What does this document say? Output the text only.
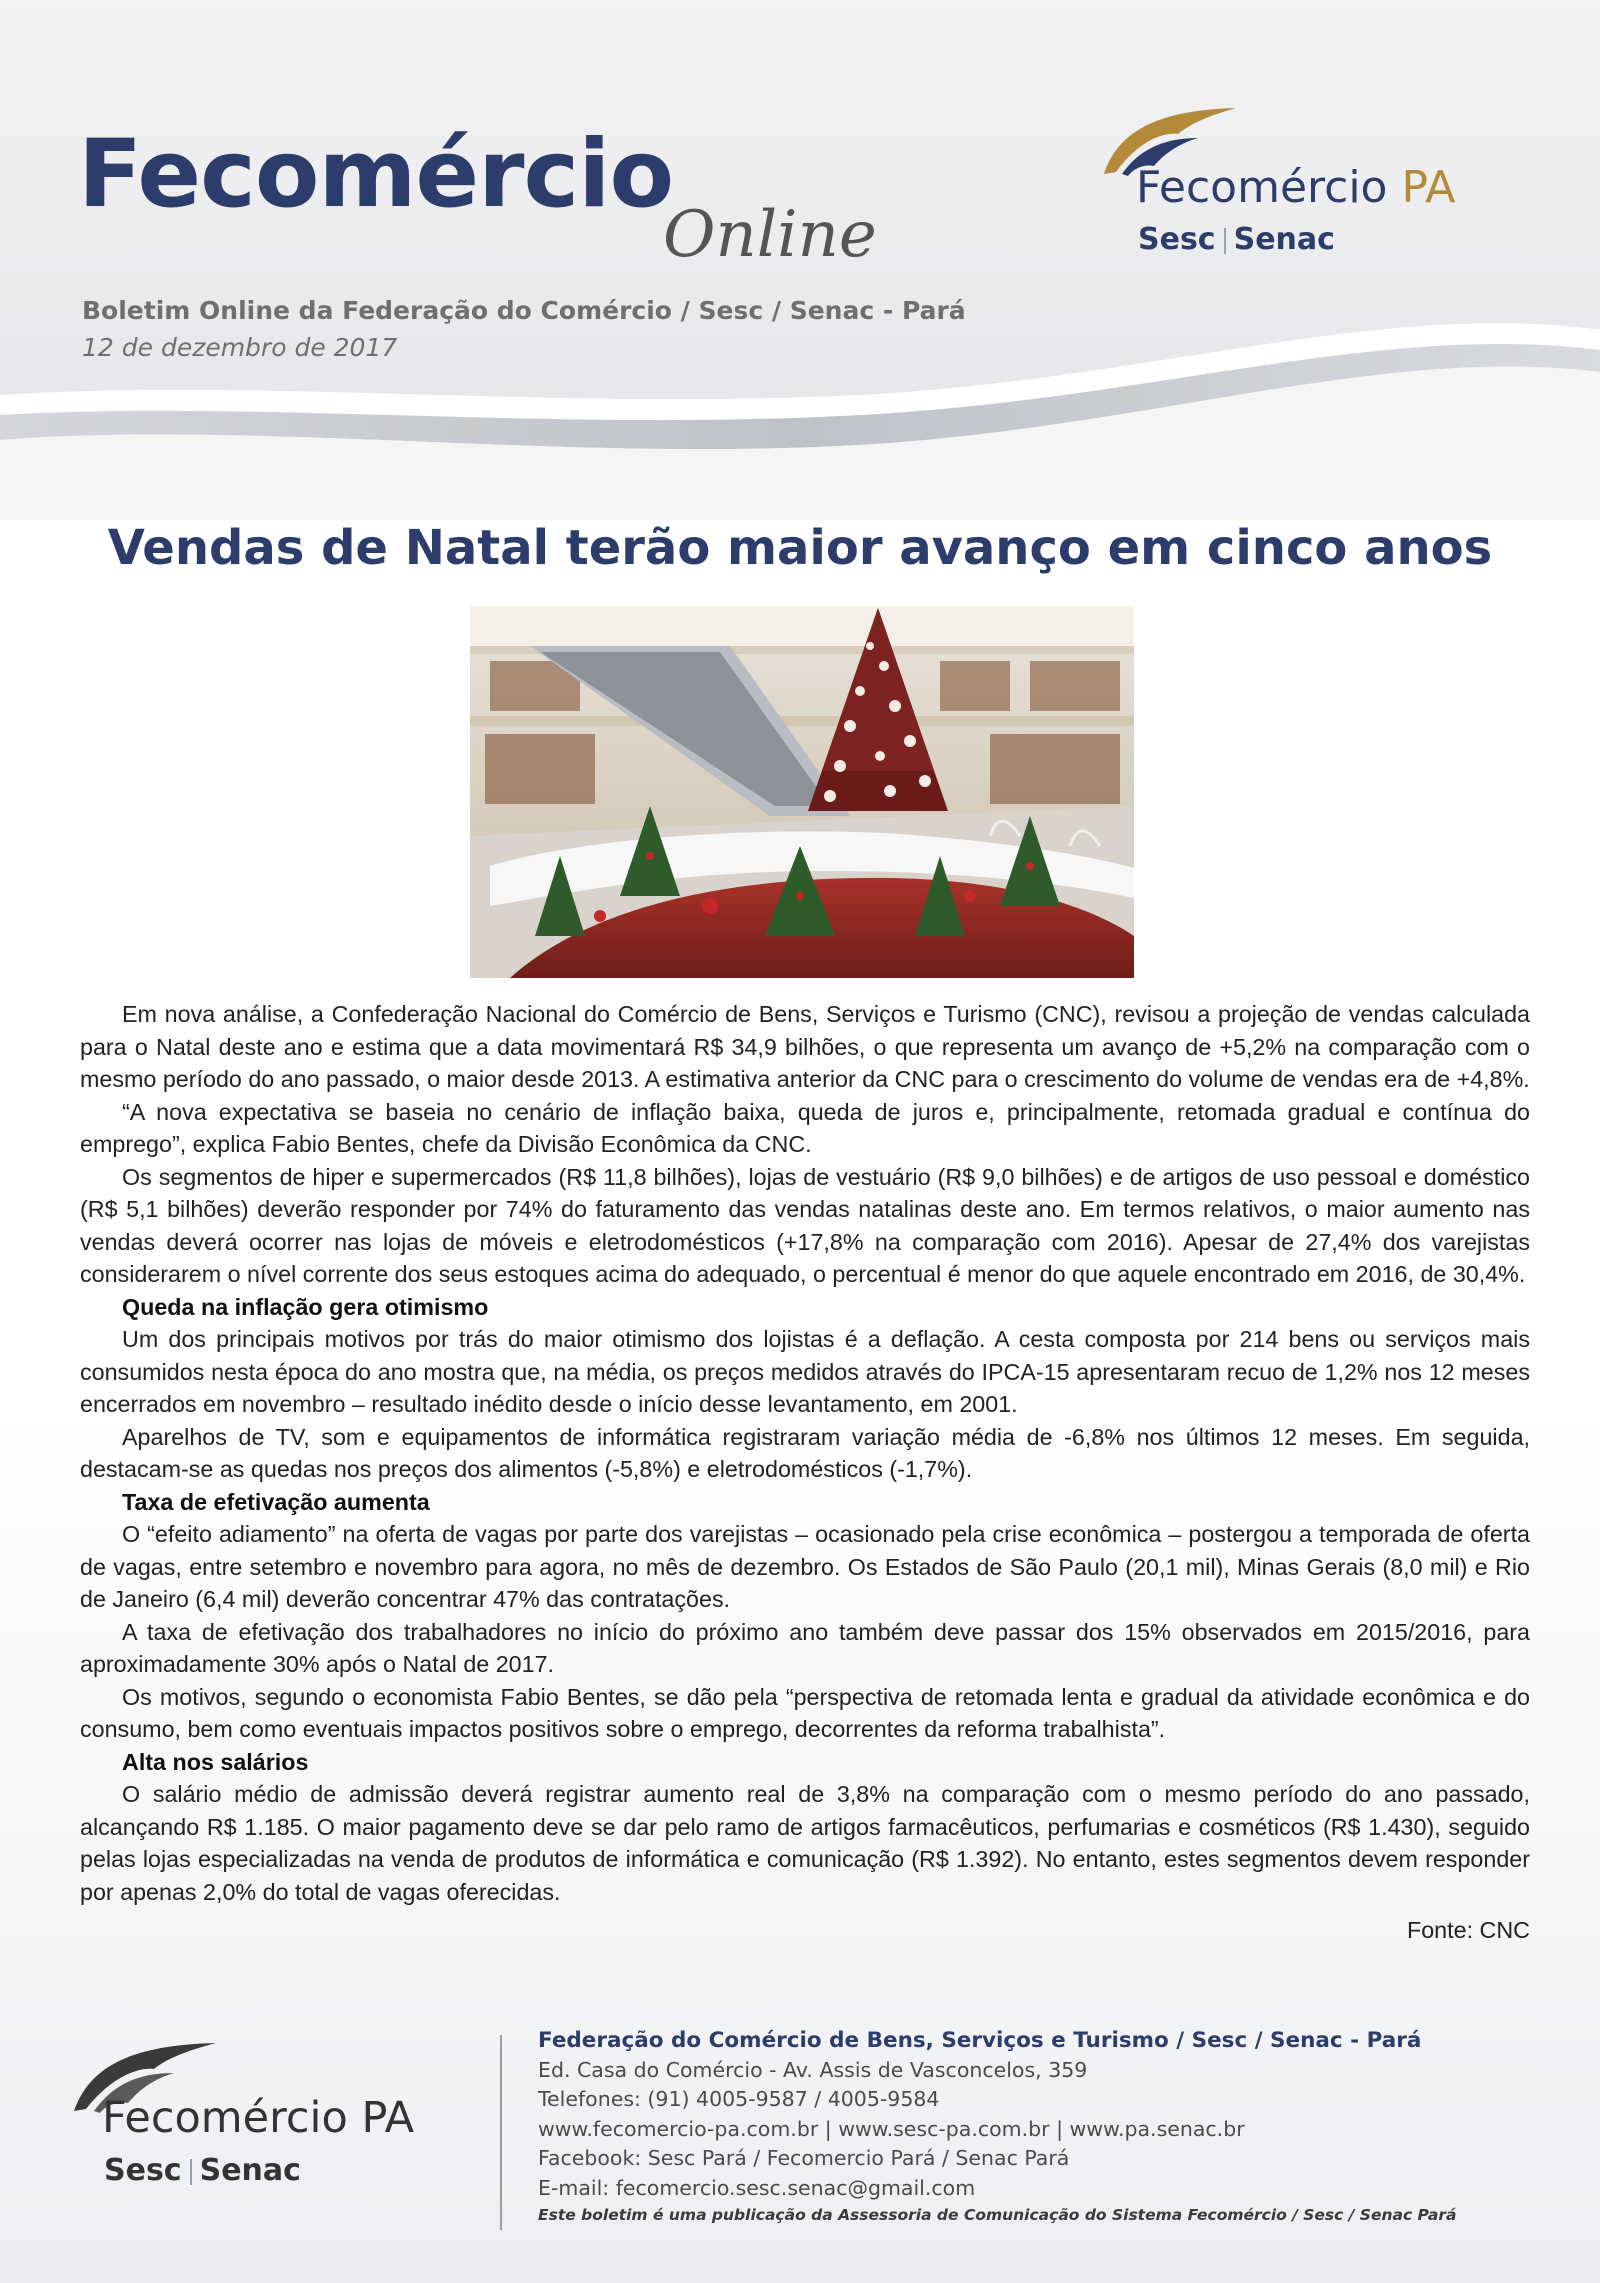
Fecomércio
Online
Boletim Online da Federação do Comércio / Sesc / Senac - Pará
12 de dezembro de 2017
Fecomércio PA
Sesc Senac
Vendas de Natal terão maior avanço em cinco anos

Em nova análise, a Confederação Nacional do Comércio de Bens, Serviços e Turismo (CNC), revisou a projeção de vendas calculada para o Natal deste ano e estima que a data movimentará R$ 34,9 bilhões, o que representa um avanço de +5,2% na comparação com o mesmo período do ano passado, o maior desde 2013. A estimativa anterior da CNC para o crescimento do volume de vendas era de +4,8%.

“A nova expectativa se baseia no cenário de inflação baixa, queda de juros e, principalmente, retomada gradual e contínua do emprego”, explica Fabio Bentes, chefe da Divisão Econômica da CNC.

Os segmentos de hiper e supermercados (R$ 11,8 bilhões), lojas de vestuário (R$ 9,0 bilhões) e de artigos de uso pessoal e doméstico (R$ 5,1 bilhões) deverão responder por 74% do faturamento das vendas natalinas deste ano. Em termos relativos, o maior aumento nas vendas deverá ocorrer nas lojas de móveis e eletrodomésticos (+17,8% na comparação com 2016). Apesar de 27,4% dos varejistas considerarem o nível corrente dos seus estoques acima do adequado, o percentual é menor do que aquele encontrado em 2016, de 30,4%.

Queda na inflação gera otimismo

Um dos principais motivos por trás do maior otimismo dos lojistas é a deflação. A cesta composta por 214 bens ou serviços mais consumidos nesta época do ano mostra que, na média, os preços medidos através do IPCA-15 apresentaram recuo de 1,2% nos 12 meses encerrados em novembro – resultado inédito desde o início desse levantamento, em 2001.

Aparelhos de TV, som e equipamentos de informática registraram variação média de -6,8% nos últimos 12 meses. Em seguida, destacam-se as quedas nos preços dos alimentos (-5,8%) e eletrodomésticos (-1,7%).

Taxa de efetivação aumenta

O “efeito adiamento” na oferta de vagas por parte dos varejistas – ocasionado pela crise econômica – postergou a temporada de oferta de vagas, entre setembro e novembro para agora, no mês de dezembro. Os Estados de São Paulo (20,1 mil), Minas Gerais (8,0 mil) e Rio de Janeiro (6,4 mil) deverão concentrar 47% das contratações.

A taxa de efetivação dos trabalhadores no início do próximo ano também deve passar dos 15% observados em 2015/2016, para aproximadamente 30% após o Natal de 2017.

Os motivos, segundo o economista Fabio Bentes, se dão pela “perspectiva de retomada lenta e gradual da atividade econômica e do consumo, bem como eventuais impactos positivos sobre o emprego, decorrentes da reforma trabalhista”.

Alta nos salários

O salário médio de admissão deverá registrar aumento real de 3,8% na comparação com o mesmo período do ano passado, alcançando R$ 1.185. O maior pagamento deve se dar pelo ramo de artigos farmacêuticos, perfumarias e cosméticos (R$ 1.430), seguido pelas lojas especializadas na venda de produtos de informática e comunicação (R$ 1.392). No entanto, estes segmentos devem responder por apenas 2,0% do total de vagas oferecidas.

Fonte: CNC

Fecomércio PA
Sesc Senac
Federação do Comércio de Bens, Serviços e Turismo / Sesc / Senac - Pará
Ed. Casa do Comércio - Av. Assis de Vasconcelos, 359
Telefones: (91) 4005-9587 / 4005-9584
www.fecomercio-pa.com.br | www.sesc-pa.com.br | www.pa.senac.br
Facebook: Sesc Pará / Fecomercio Pará / Senac Pará
E-mail: fecomercio.sesc.senac@gmail.com
Este boletim é uma publicação da Assessoria de Comunicação do Sistema Fecomércio / Sesc / Senac Pará
